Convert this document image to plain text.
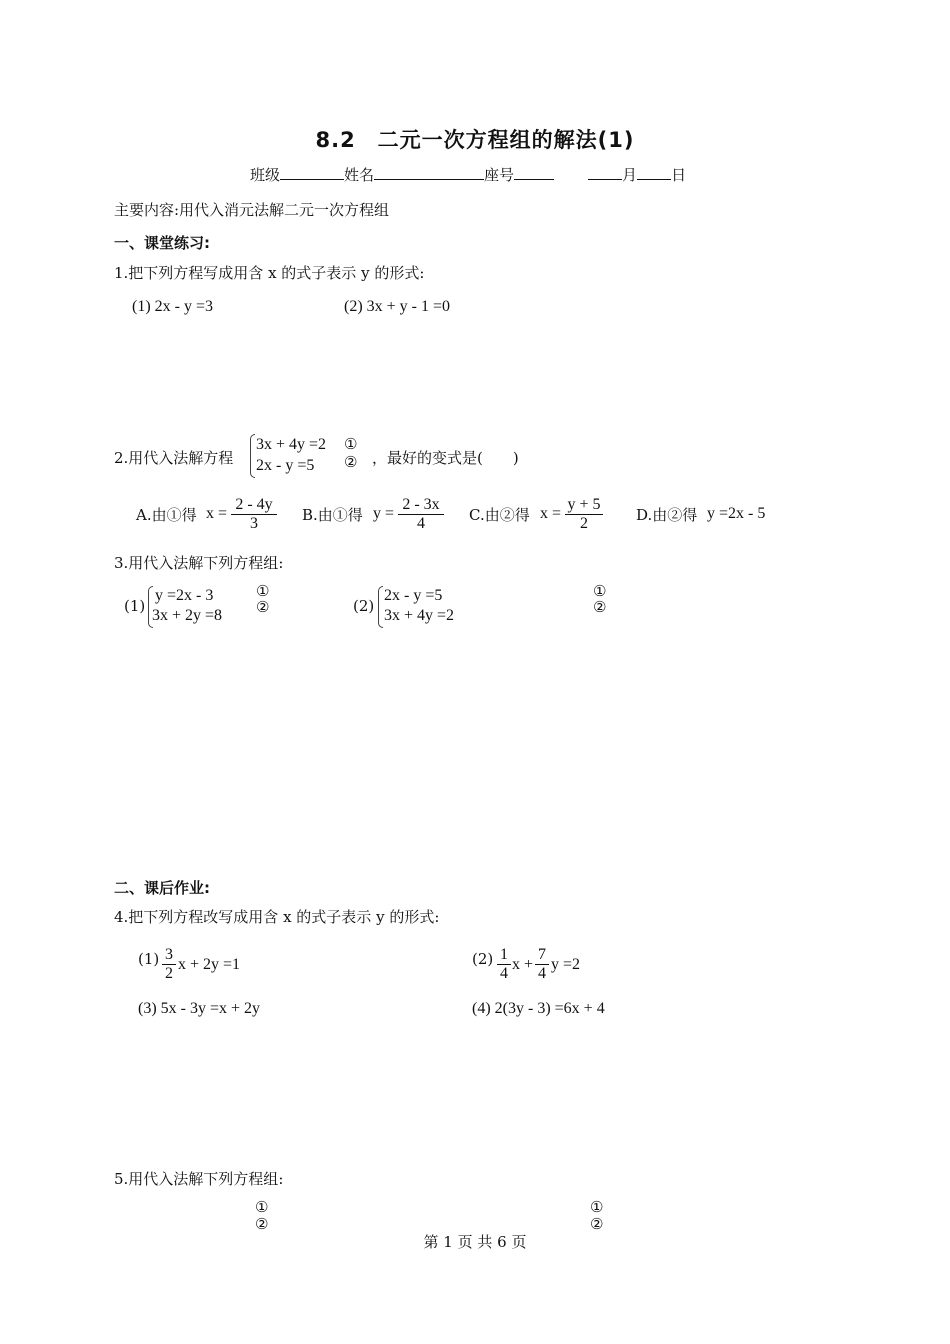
8.2　二元一次方程组的解法(1)
班级	姓名	座号	月 日
主要内容:用代入消元法解二元一次方程组
一、课堂练习:
1.把下列方程写成用含 x 的式子表示 y 的形式:
(1) 2x - y =3	(2) 3x + y - 1 =0
2.用代入法解方程
3x + 4y =2
2x - y =5
①
② ，最好的变式是(　　)
A.由①得 $x = \frac{2 - 4y}{3} B$.由①得 $y = \frac{2 - 3x}{4} C$.由②得 $x = \frac{y + 5}{2} D$.由②得 y =2x - 5
3.用代入法解下列方程组:
(1)
y =2x - 3
3x + 2y =8
①
②	(2)
2x - y =5
3x + 4y =2
①
②
二、课后作业:
4.把下列方程改写成用含 x 的式子表示 y 的形式:
$(1) \frac{3}{2}$ x + 2y =1	$(2) \frac{1}{4}$ $x + \frac{7}{4}$ y =2
(3) 5x - 3y =x + 2y	(4) 2(3y - 3) =6x + 4
5.用代入法解下列方程组:
①
②
①
②
第 1 页 共 6 页
